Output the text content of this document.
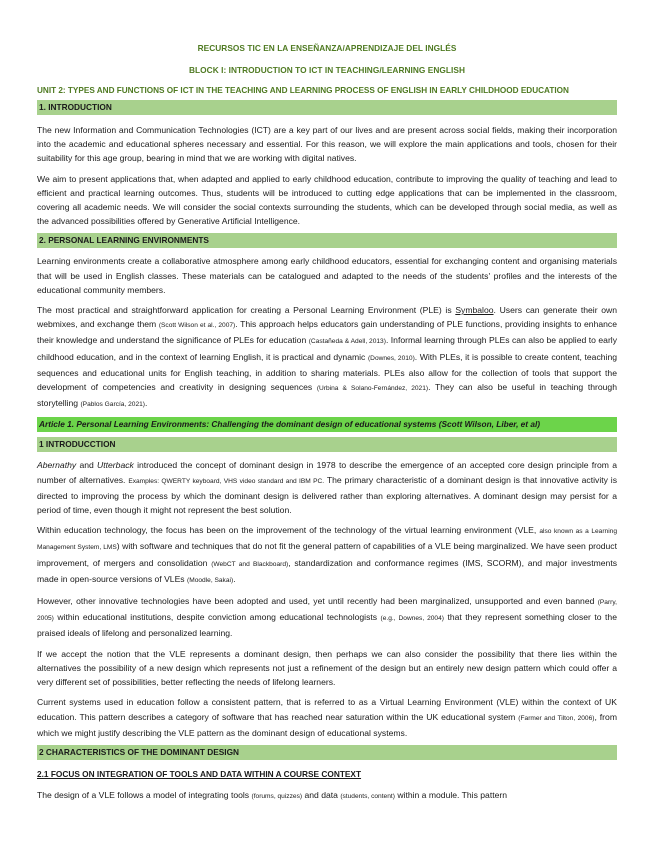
RECURSOS TIC EN LA ENSEÑANZA/APRENDIZAJE DEL INGLÉS
BLOCK I: INTRODUCTION TO ICT IN TEACHING/LEARNING ENGLISH
UNIT 2: TYPES AND FUNCTIONS OF ICT IN THE TEACHING AND LEARNING PROCESS OF ENGLISH IN EARLY CHILDHOOD EDUCATION
1. INTRODUCTION

The new Information and Communication Technologies (ICT) are a key part of our lives and are present across social fields, making their incorporation into the academic and educational spheres necessary and essential. For this reason, we will explore the main applications and tools, chosen for their suitability for this age group, bearing in mind that we are working with digital natives.

We aim to present applications that, when adapted and applied to early childhood education, contribute to improving the quality of teaching and lead to efficient and practical learning outcomes. Thus, students will be introduced to cutting edge applications that can be implemented in the classroom, covering all academic needs. We will consider the social contexts surrounding the students, which can be developed through social media, as well as the advanced possibilities offered by Generative Artificial Intelligence.

2. PERSONAL LEARNING ENVIRONMENTS

Learning environments create a collaborative atmosphere among early childhood educators, essential for exchanging content and organising materials that will be used in English classes. These materials can be catalogued and adapted to the needs of the students' profiles and the interests of the educational community members.

The most practical and straightforward application for creating a Personal Learning Environment (PLE) is Symbaloo. Users can generate their own webmixes, and exchange them (Scott Wilson et al., 2007). This approach helps educators gain understanding of PLE functions, providing insights to enhance their knowledge and understand the significance of PLEs for education (Castañeda & Adell, 2013). Informal learning through PLEs can also be applied to early childhood education, and in the context of learning English, it is practical and dynamic (Downes, 2010). With PLEs, it is possible to create content, teaching sequences and educational units for English teaching, in addition to sharing materials. PLEs also allow for the collection of tools that support the development of competencies and creativity in designing sequences (Urbina & Solano-Fernández, 2021). They can also be useful in teaching through storytelling (Pablos García, 2021).

Article 1. Personal Learning Environments: Challenging the dominant design of educational systems (Scott Wilson, Liber, et al)
1 INTRODUCCTION

Abernathy and Utterback introduced the concept of dominant design in 1978 to describe the emergence of an accepted core design principle from a number of alternatives. Examples: QWERTY keyboard, VHS video standard and IBM PC. The primary characteristic of a dominant design is that innovative activity is directed to improving the process by which the dominant design is delivered rather than exploring alternatives. A dominant design may persist for a period of time, even though it might not represent the best solution.

Within education technology, the focus has been on the improvement of the technology of the virtual learning environment (VLE, also known as a Learning Management System, LMS) with software and techniques that do not fit the general pattern of capabilities of a VLE being marginalized. We have seen product improvement, of mergers and consolidation (WebCT and Blackboard), standardization and conformance regimes (IMS, SCORM), and major investments made in open-source versions of VLEs (Moodle, Sakai).

However, other innovative technologies have been adopted and used, yet until recently had been marginalized, unsupported and even banned (Parry, 2005) within educational institutions, despite conviction among educational technologists (e.g., Downes, 2004) that they represent something closer to the praised ideals of lifelong and personalized learning.

If we accept the notion that the VLE represents a dominant design, then perhaps we can also consider the possibility that there lies within the alternatives the possibility of a new design which represents not just a refinement of the design but an entirely new design pattern which could offer a very different set of possibilities, better reflecting the needs of lifelong learners.

Current systems used in education follow a consistent pattern, that is referred to as a Virtual Learning Environment (VLE) within the context of UK education. This pattern describes a category of software that has reached near saturation within the UK educational system (Farmer and Tilton, 2006), from which we might justify describing the VLE pattern as the dominant design of educational systems.

2 CHARACTERISTICS OF THE DOMINANT DESIGN
2.1 FOCUS ON INTEGRATION OF TOOLS AND DATA WITHIN A COURSE CONTEXT

The design of a VLE follows a model of integrating tools (forums, quizzes) and data (students, content) within a module. This pattern
